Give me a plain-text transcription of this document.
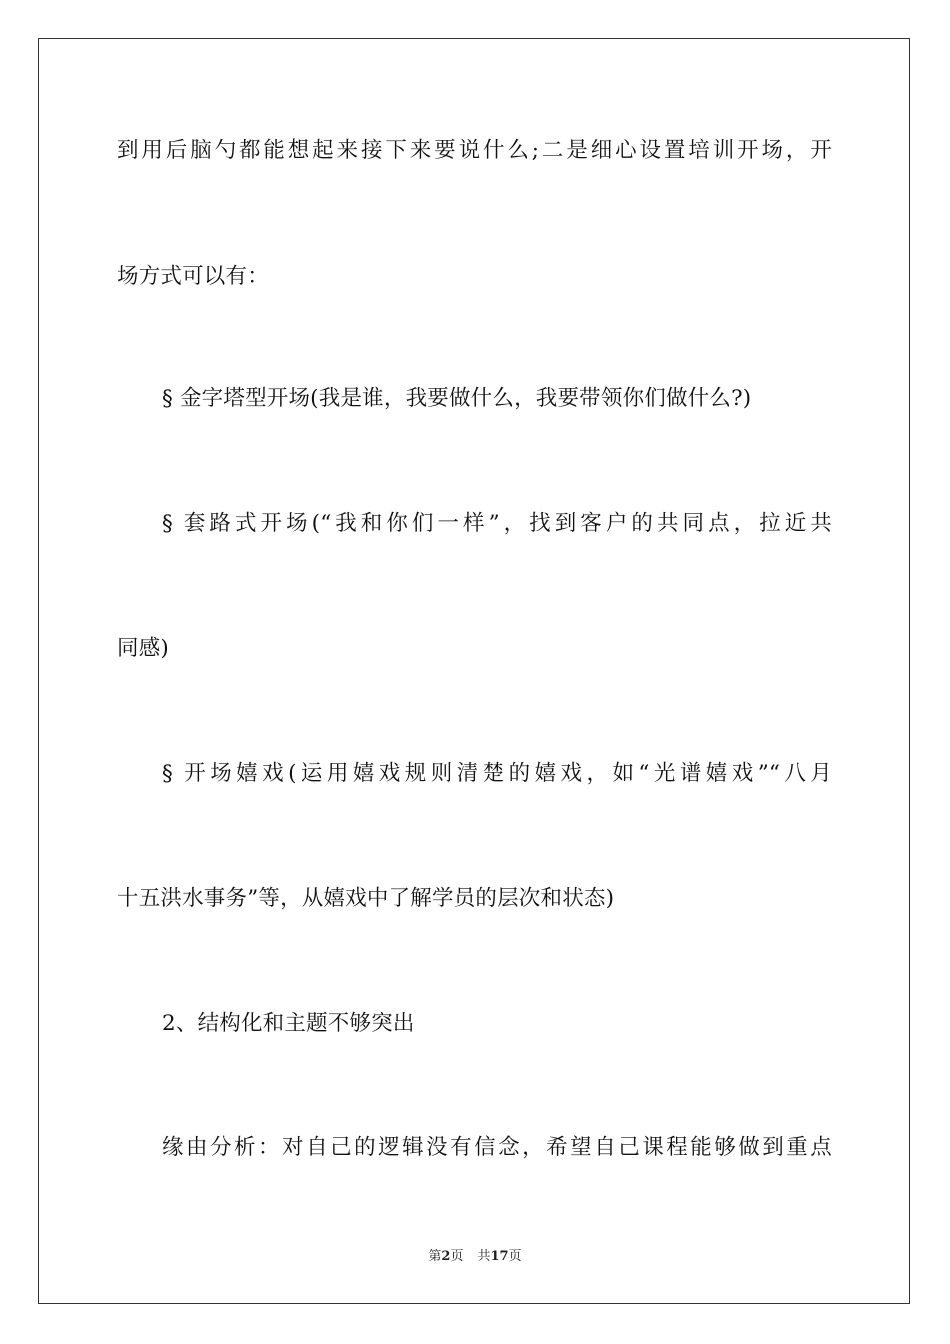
到用后脑勺都能想起来接下来要说什么;二是细心设置培训开场，开
场方式可以有：
§ 金字塔型开场(我是谁，我要做什么，我要带领你们做什么?)
§ 套路式开场(“我和你们一样”，找到客户的共同点，拉近共
同感)
§ 开场嬉戏(运用嬉戏规则清楚的嬉戏，如“光谱嬉戏”“八月
十五洪水事务”等，从嬉戏中了解学员的层次和状态)
2、结构化和主题不够突出
缘由分析：对自己的逻辑没有信念，希望自己课程能够做到重点
第2页 共17页
